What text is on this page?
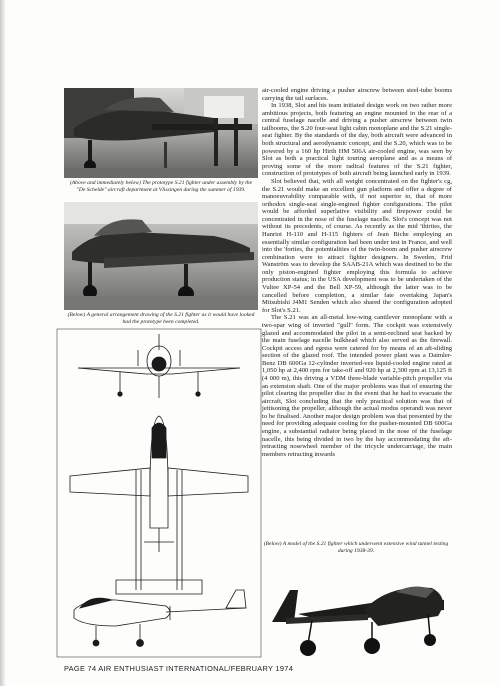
(Above and immediately below) The prototype S.21 fighter under assembly by the "De Schelde" aircraft department at Vlissingen during the summer of 1939.
(Below) A general arrangement drawing of the S.21 fighter as it would have looked had the prototype been completed.

air-cooled engine driving a pusher airscrew between steel-tube booms carrying the tail surfaces.

In 1938, Slot and his team initiated design work on two rather more ambitious projects, both featuring an engine mounted in the rear of a central fuselage nacelle and driving a pusher airscrew between twin tailbooms, the S.20 four-seat light cabin monoplane and the S.21 single-seat fighter. By the standards of the day, both aircraft were advanced in both structural and aerodynamic concept, and the S.20, which was to be powered by a 160 hp Hirth HM 506A air-cooled engine, was seen by Slot as both a practical light touring aeroplane and as a means of proving some of the more radical features of the S.21 fighter, construction of prototypes of both aircraft being launched early in 1939.

Slot believed that, with all weight concentrated on the fighter's cg, the S.21 would make an excellent gun platform and offer a degree of manoeuvrability comparable with, if not superior to, that of more orthodox single-seat single-engined fighter configurations. The pilot would be afforded superlative visibility and firepower could be concentrated in the nose of the fuselage nacelle. Slot's concept was not without its precedents, of course. As recently as the mid 'thirties, the Hanriot H-110 and H-115 fighters of Jean Biche employing an essentially similar configuration had been under test in France, and well into the 'forties, the potentialities of the twin-boom and pusher airscrew combination were to attract fighter designers. In Sweden, Frid Wanström was to develop the SAAB-21A which was destined to be the only piston-engined fighter employing this formula to achieve production status; in the USA development was to be undertaken of the Vultee XP-54 and the Bell XP-59, although the latter was to be cancelled before completion, a similar fate overtaking Japan's Mitsubishi J4M1 Senden which also shared the configuration adopted for Slot's S.21.

The S.21 was an all-metal low-wing cantilever monoplane with a two-spar wing of inverted "gull" form. The cockpit was extensively glazed and accommodated the pilot in a semi-reclined seat backed by the main fuselage nacelle bulkhead which also served as the firewall. Cockpit access and egress were catered for by means of an aft-sliding section of the glazed roof. The intended power plant was a Daimler-Benz DB 600Ga 12-cylinder inverted-vee liquid-cooled engine rated at 1,050 hp at 2,400 rpm for take-off and 920 hp at 2,300 rpm at 13,125 ft (4 000 m), this driving a VDM three-blade variable-pitch propeller via an extension shaft. One of the major problems was that of ensuring the pilot clearing the propeller disc in the event that he had to evacuate the aircraft, Slot concluding that the only practical solution was that of jettisoning the propeller, although the actual modus operandi was never to be finalised. Another major design problem was that presented by the need for providing adequate cooling for the pusher-mounted DB 600Ga engine, a substantial radiator being placed in the nose of the fuselage nacelle, this being divided in two by the bay accommodating the aft-retracting nosewheel member of the tricycle undercarriage, the main members retracting inwards

(Below) A model of the S.21 fighter which underwent extensive wind tunnel testing during 1938-39.
PAGE 74 AIR ENTHUSIAST INTERNATIONAL/FEBRUARY 1974
